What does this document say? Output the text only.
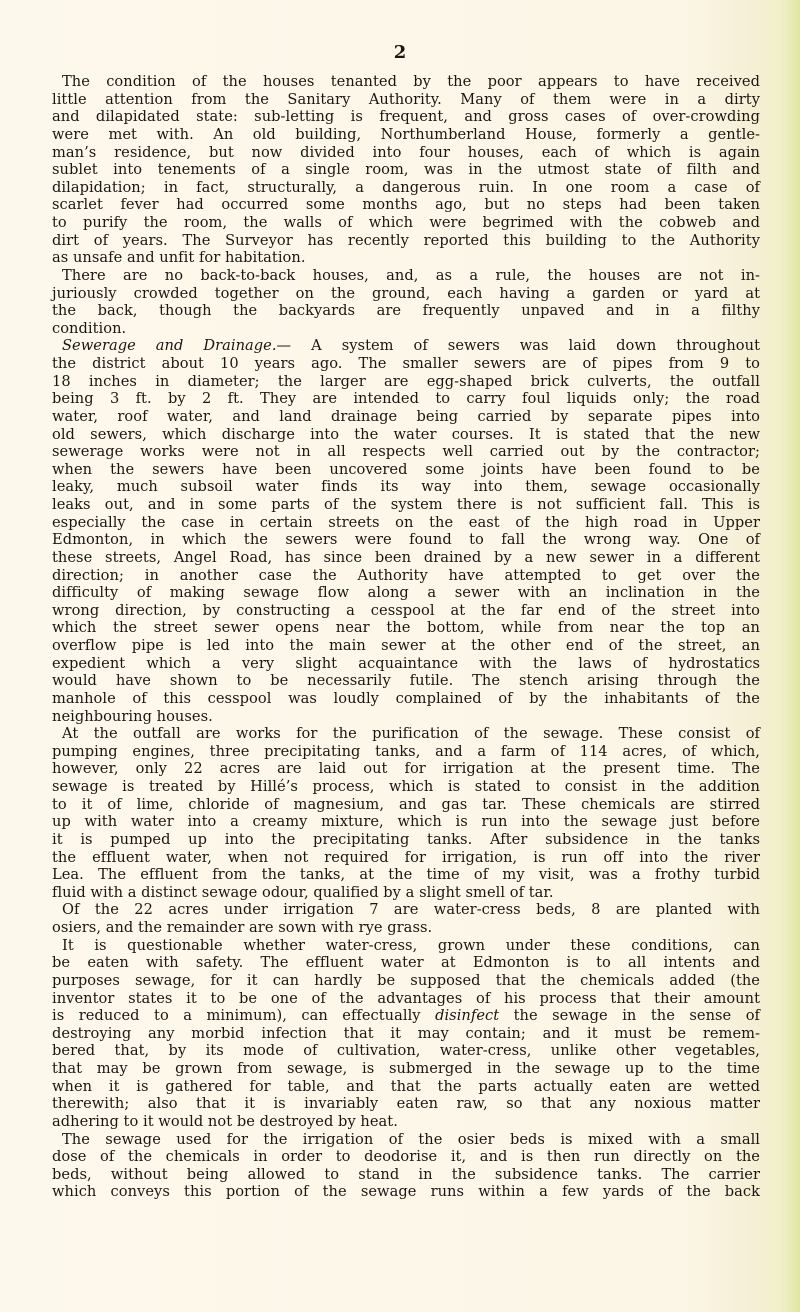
2
The condition of the houses tenanted by the poor appears to have received
little attention from the Sanitary Authority. Many of them were in a dirty
and dilapidated state: sub-letting is frequent, and gross cases of over-crowding
were met with. An old building, Northumberland House, formerly a gentle-
man’s residence, but now divided into four houses, each of which is again
sublet into tenements of a single room, was in the utmost state of filth and
dilapidation; in fact, structurally, a dangerous ruin. In one room a case of
scarlet fever had occurred some months ago, but no steps had been taken
to purify the room, the walls of which were begrimed with the cobweb and
dirt of years. The Surveyor has recently reported this building to the Authority
as unsafe and unfit for habitation.
There are no back-to-back houses, and, as a rule, the houses are not in-
juriously crowded together on the ground, each having a garden or yard at
the back, though the backyards are frequently unpaved and in a filthy
condition.
Sewerage and Drainage.— A system of sewers was laid down throughout
the district about 10 years ago. The smaller sewers are of pipes from 9 to
18 inches in diameter; the larger are egg-shaped brick culverts, the outfall
being 3 ft. by 2 ft. They are intended to carry foul liquids only; the road
water, roof water, and land drainage being carried by separate pipes into
old sewers, which discharge into the water courses. It is stated that the new
sewerage works were not in all respects well carried out by the contractor;
when the sewers have been uncovered some joints have been found to be
leaky, much subsoil water finds its way into them, sewage occasionally
leaks out, and in some parts of the system there is not sufficient fall. This is
especially the case in certain streets on the east of the high road in Upper
Edmonton, in which the sewers were found to fall the wrong way. One of
these streets, Angel Road, has since been drained by a new sewer in a different
direction; in another case the Authority have attempted to get over the
difficulty of making sewage flow along a sewer with an inclination in the
wrong direction, by constructing a cesspool at the far end of the street into
which the street sewer opens near the bottom, while from near the top an
overflow pipe is led into the main sewer at the other end of the street, an
expedient which a very slight acquaintance with the laws of hydrostatics
would have shown to be necessarily futile. The stench arising through the
manhole of this cesspool was loudly complained of by the inhabitants of the
neighbouring houses.
At the outfall are works for the purification of the sewage. These consist of
pumping engines, three precipitating tanks, and a farm of 114 acres, of which,
however, only 22 acres are laid out for irrigation at the present time. The
sewage is treated by Hillé’s process, which is stated to consist in the addition
to it of lime, chloride of magnesium, and gas tar. These chemicals are stirred
up with water into a creamy mixture, which is run into the sewage just before
it is pumped up into the precipitating tanks. After subsidence in the tanks
the effluent water, when not required for irrigation, is run off into the river
Lea. The effluent from the tanks, at the time of my visit, was a frothy turbid
fluid with a distinct sewage odour, qualified by a slight smell of tar.
Of the 22 acres under irrigation 7 are water-cress beds, 8 are planted with
osiers, and the remainder are sown with rye grass.
It is questionable whether water-cress, grown under these conditions, can
be eaten with safety. The effluent water at Edmonton is to all intents and
purposes sewage, for it can hardly be supposed that the chemicals added (the
inventor states it to be one of the advantages of his process that their amount
is reduced to a minimum), can effectually disinfect the sewage in the sense of
destroying any morbid infection that it may contain; and it must be remem-
bered that, by its mode of cultivation, water-cress, unlike other vegetables,
that may be grown from sewage, is submerged in the sewage up to the time
when it is gathered for table, and that the parts actually eaten are wetted
therewith; also that it is invariably eaten raw, so that any noxious matter
adhering to it would not be destroyed by heat.
The sewage used for the irrigation of the osier beds is mixed with a small
dose of the chemicals in order to deodorise it, and is then run directly on the
beds, without being allowed to stand in the subsidence tanks. The carrier
which conveys this portion of the sewage runs within a few yards of the back
